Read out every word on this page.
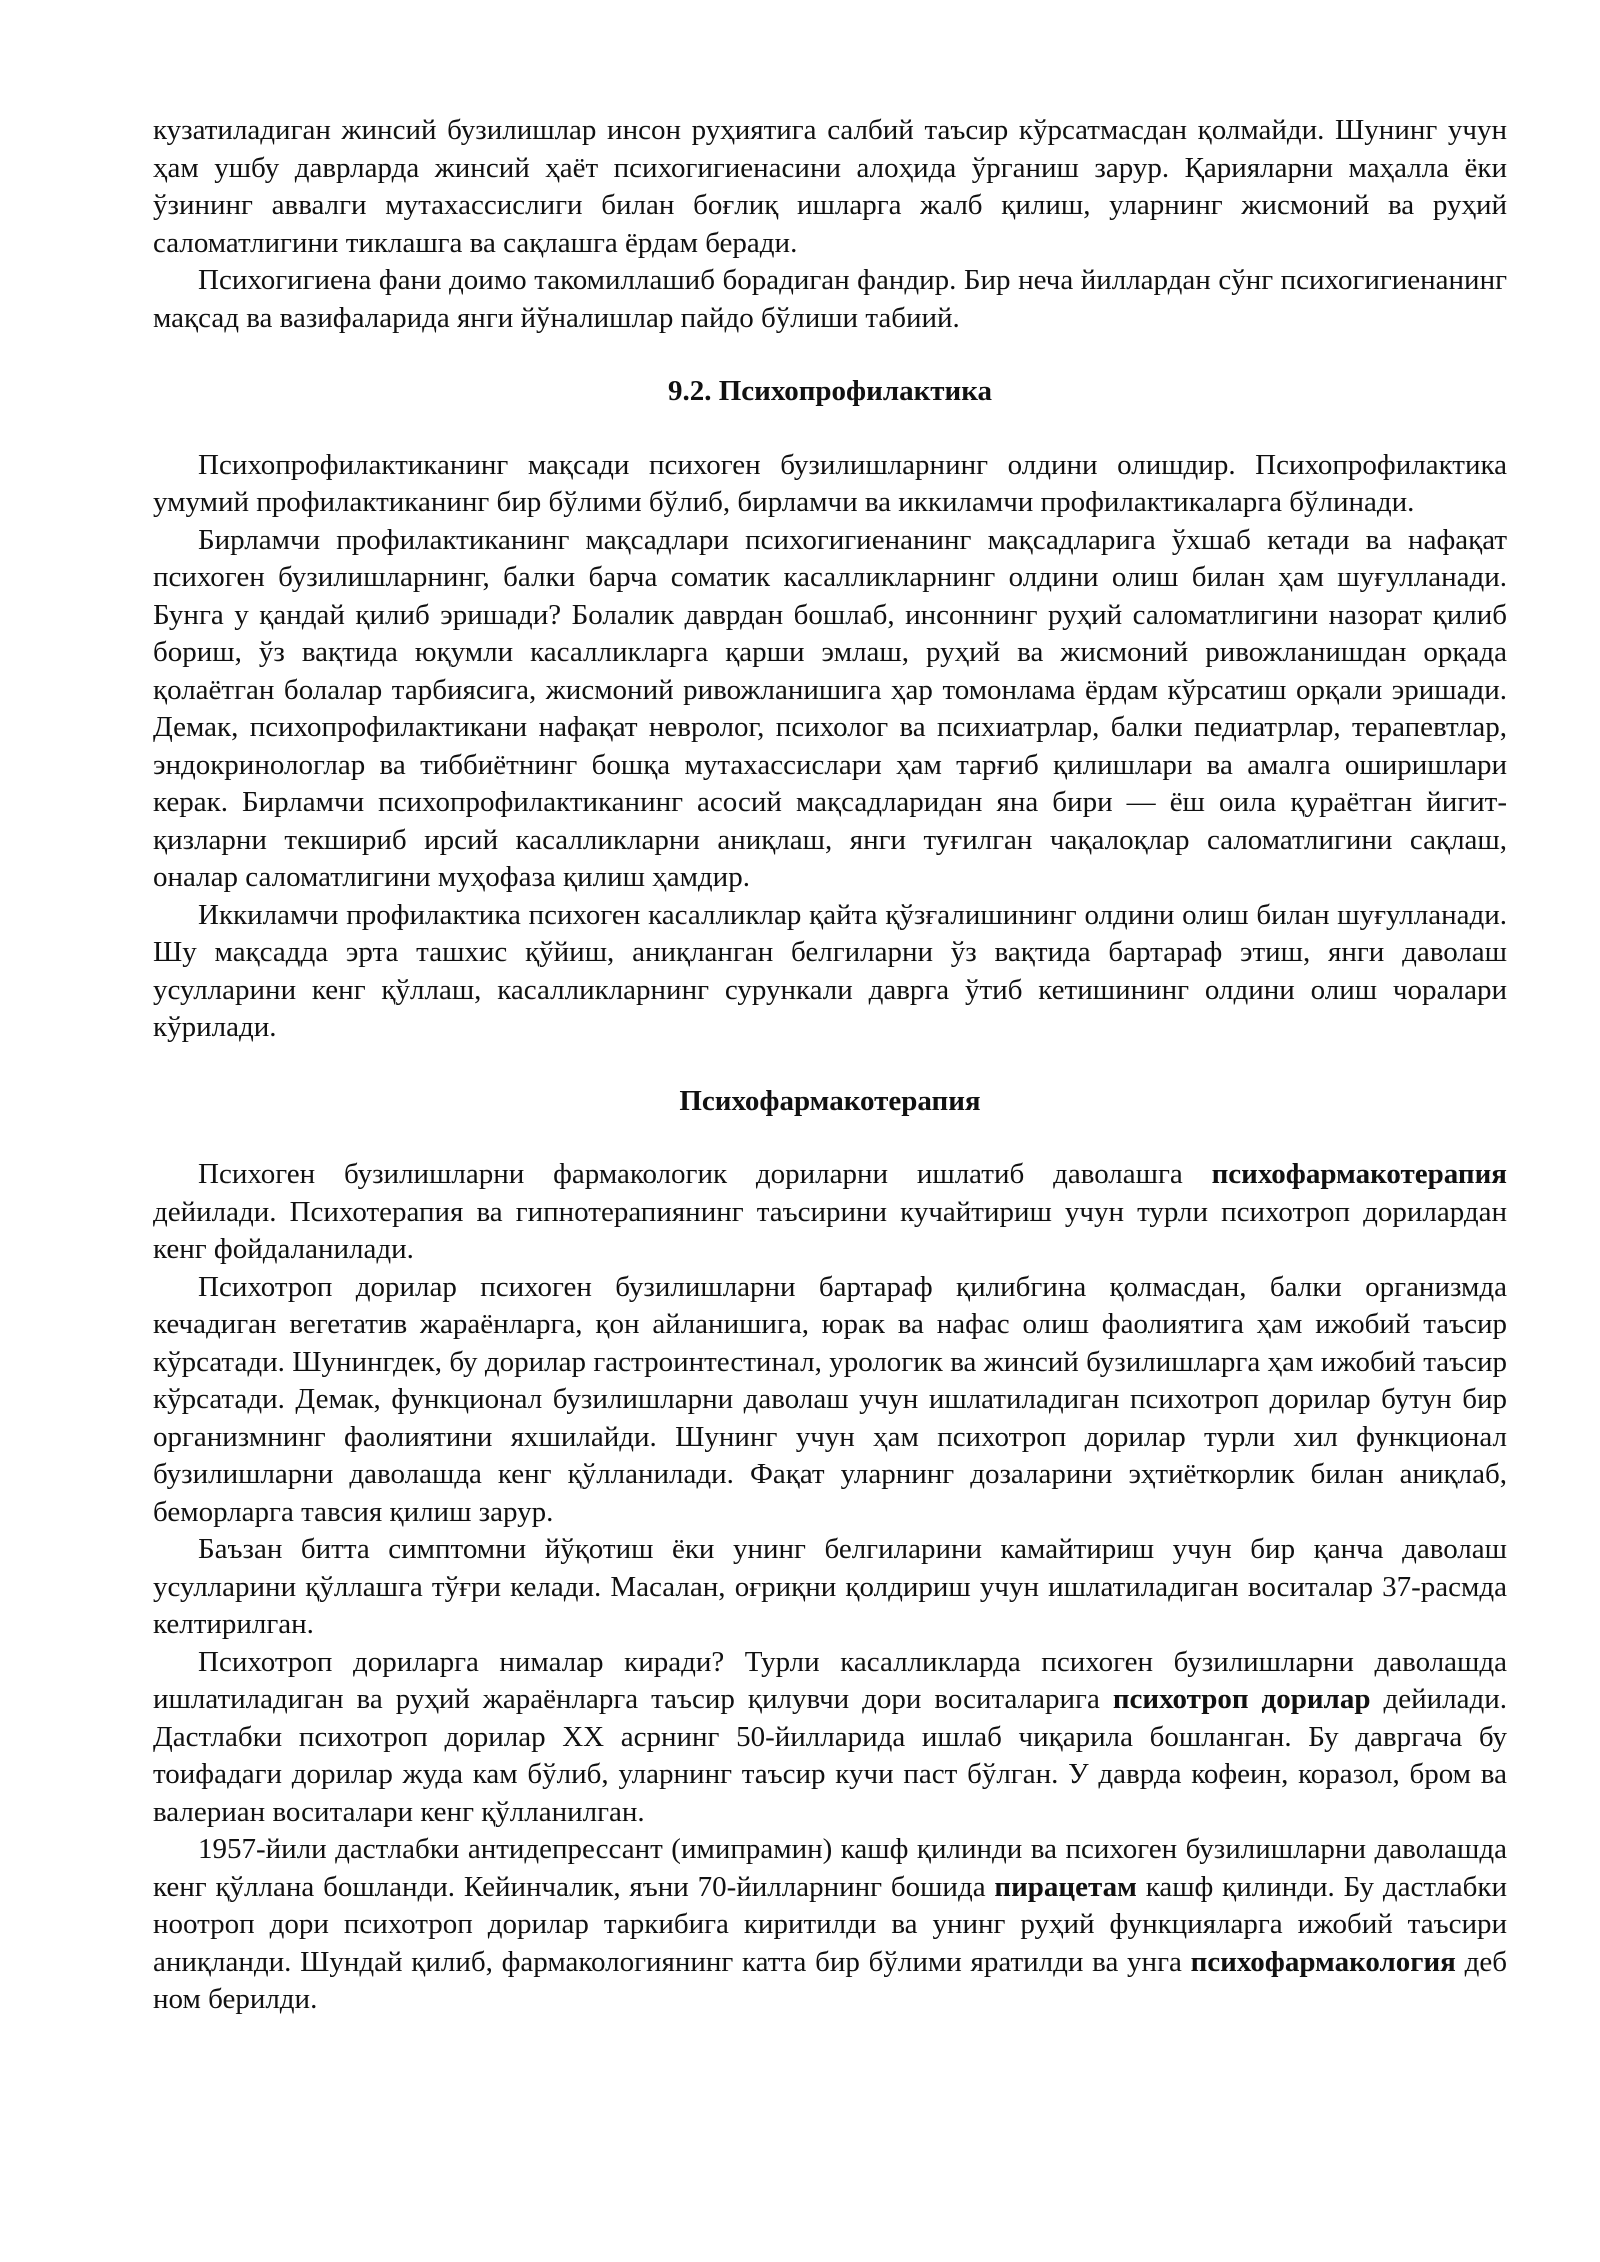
кузатиладиган жинсий бузилишлар инсон руҳиятига салбий таъсир кўрсатмасдан қолмайди. Шунинг учун ҳам ушбу даврларда жинсий ҳаёт психогигиенасини алоҳида ўрганиш зарур. Қарияларни маҳалла ёки ўзининг аввалги мутахассислиги билан боғлиқ ишларга жалб қилиш, уларнинг жисмоний ва руҳий саломатлигини тиклашга ва сақлашга ёрдам беради.

Психогигиена фани доимо такомиллашиб борадиган фандир. Бир неча йиллардан сўнг психогигиенанинг мақсад ва вазифаларида янги йўналишлар пайдо бўлиши табиий.

9.2. Психопрофилактика

Психопрофилактиканинг мақсади психоген бузилишларнинг олдини олишдир. Психопрофилактика умумий профилактиканинг бир бўлими бўлиб, бирламчи ва иккиламчи профилактикаларга бўлинади.

Бирламчи профилактиканинг мақсадлари психогигиенанинг мақсадларига ўхшаб кетади ва нафақат психоген бузилишларнинг, балки барча соматик касалликларнинг олдини олиш билан ҳам шуғулланади. Бунга у қандай қилиб эришади? Болалик даврдан бошлаб, инсоннинг руҳий саломатлигини назорат қилиб бориш, ўз вақтида юқумли касалликларга қарши эмлаш, руҳий ва жисмоний ривожланишдан орқада қолаётган болалар тарбиясига, жисмоний ривожланишига ҳар томонлама ёрдам кўрсатиш орқали эришади. Демак, психопрофилактикани нафақат невролог, психолог ва психиатрлар, балки педиатрлар, терапевтлар, эндокринологлар ва тиббиётнинг бошқа мутахассислари ҳам тарғиб қилишлари ва амалга оширишлари керак. Бирламчи психопрофилактиканинг асосий мақсадларидан яна бири — ёш оила қураётган йигит-қизларни текшириб ирсий касалликларни аниқлаш, янги туғилган чақалоқлар саломатлигини сақлаш, оналар саломатлигини муҳофаза қилиш ҳамдир.

Иккиламчи профилактика психоген касалликлар қайта қўзғалишининг олдини олиш билан шуғулланади. Шу мақсадда эрта ташхис қўйиш, аниқланган белгиларни ўз вақтида бартараф этиш, янги даволаш усулларини кенг қўллаш, касалликларнинг сурункали даврга ўтиб кетишининг олдини олиш чоралари кўрилади.

Психофармакотерапия

Психоген бузилишларни фармакологик дориларни ишлатиб даволашга психофармакотерапия дейилади. Психотерапия ва гипнотерапиянинг таъсирини кучайтириш учун турли психотроп дорилардан кенг фойдаланилади.

Психотроп дорилар психоген бузилишларни бартараф қилибгина қолмасдан, балки организмда кечадиган вегетатив жараёнларга, қон айланишига, юрак ва нафас олиш фаолиятига ҳам ижобий таъсир кўрсатади. Шунингдек, бу дорилар гастроинтестинал, урологик ва жинсий бузилишларга ҳам ижобий таъсир кўрсатади. Демак, функционал бузилишларни даволаш учун ишлатиладиган психотроп дорилар бутун бир организмнинг фаолиятини яхшилайди. Шунинг учун ҳам психотроп дорилар турли хил функционал бузилишларни даволашда кенг қўлланилади. Фақат уларнинг дозаларини эҳтиёткорлик билан аниқлаб, беморларга тавсия қилиш зарур.

Баъзан битта симптомни йўқотиш ёки унинг белгиларини камайтириш учун бир қанча даволаш усулларини қўллашга тўғри келади. Масалан, оғриқни қолдириш учун ишлатиладиган воситалар 37-расмда келтирилган.

Психотроп дориларга нималар киради? Турли касалликларда психоген бузилишларни даволашда ишлатиладиган ва руҳий жараёнларга таъсир қилувчи дори воситаларига психотроп дорилар дейилади. Дастлабки психотроп дорилар XX асрнинг 50-йилларида ишлаб чиқарила бошланган. Бу давргача бу тоифадаги дорилар жуда кам бўлиб, уларнинг таъсир кучи паст бўлган. У даврда кофеин, коразол, бром ва валериан воситалари кенг қўлланилган.

1957-йили дастлабки антидепрессант (имипрамин) кашф қилинди ва психоген бузилишларни даволашда кенг қўллана бошланди. Кейинчалик, яъни 70-йилларнинг бошида пирацетам кашф қилинди. Бу дастлабки ноотроп дори психотроп дорилар таркибига киритилди ва унинг руҳий функцияларга ижобий таъсири аниқланди. Шундай қилиб, фармакологиянинг катта бир бўлими яратилди ва унга психофармакология деб ном берилди.
